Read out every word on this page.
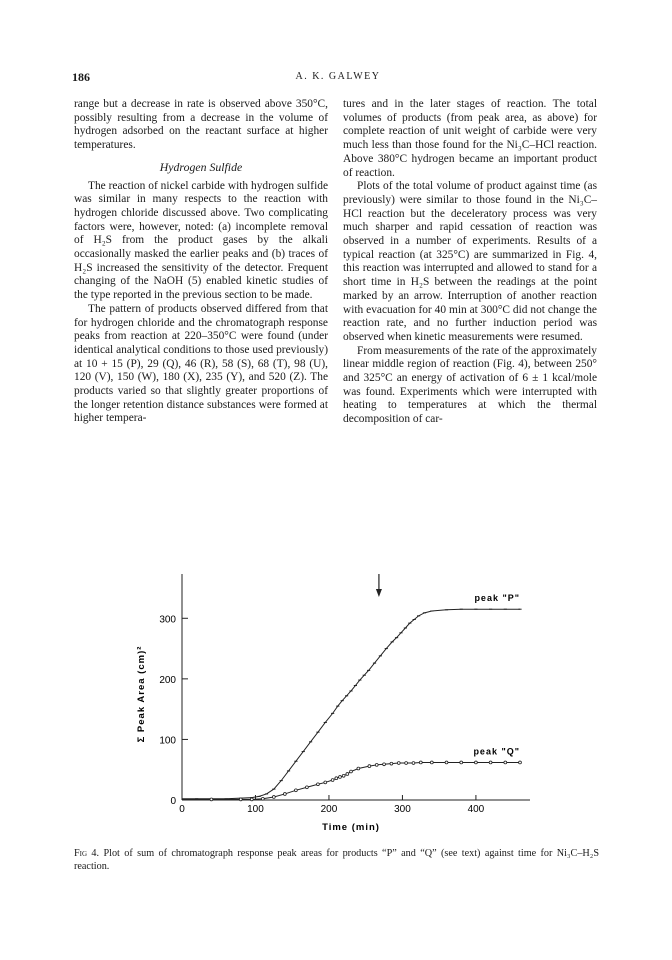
186	A. K. GALWEY

range but a decrease in rate is observed above 350°C, possibly resulting from a decrease in the volume of hydrogen adsorbed on the reactant surface at higher temperatures.

Hydrogen Sulfide

The reaction of nickel carbide with hydrogen sulfide was similar in many respects to the reaction with hydrogen chloride discussed above. Two complicating factors were, however, noted: (a) incomplete removal of H₂S from the product gases by the alkali occasionally masked the earlier peaks and (b) traces of H₂S increased the sensitivity of the detector. Frequent changing of the NaOH (5) enabled kinetic studies of the type reported in the previous section to be made.

The pattern of products observed differed from that for hydrogen chloride and the chromatograph response peaks from reaction at 220–350°C were found (under identical analytical conditions to those used previously) at 10 + 15 (P), 29 (Q), 46 (R), 58 (S), 68 (T), 98 (U), 120 (V), 150 (W), 180 (X), 235 (Y), and 520 (Z). The products varied so that slightly greater proportions of the longer retention distance substances were formed at higher tempera-

tures and in the later stages of reaction. The total volumes of products (from peak area, as above) for complete reaction of unit weight of carbide were very much less than those found for the Ni₃C–HCl reaction. Above 380°C hydrogen became an important product of reaction.

Plots of the total volume of product against time (as previously) were similar to those found in the Ni₃C–HCl reaction but the deceleratory process was very much sharper and rapid cessation of reaction was observed in a number of experiments. Results of a typical reaction (at 325°C) are summarized in Fig. 4, this reaction was interrupted and allowed to stand for a short time in H₂S between the readings at the point marked by an arrow. Interruption of another reaction with evacuation for 40 min at 300°C did not change the reaction rate, and no further induction period was observed when kinetic measurements were resumed.

From measurements of the rate of the approximately linear middle region of reaction (Fig. 4), between 250° and 325°C an energy of activation of 6 ± 1 kcal/mole was found. Experiments which were interrupted with heating to temperatures at which the thermal decomposition of car-

0
100
200
300
0	100	200	300	400
Time (min)
Σ Peak Area (cm)²
peak "P"
peak "Q"
Fig 4. Plot of sum of chromatograph response peak areas for products “P” and “Q” (see text) against time for Ni₃C–H₂S reaction.
